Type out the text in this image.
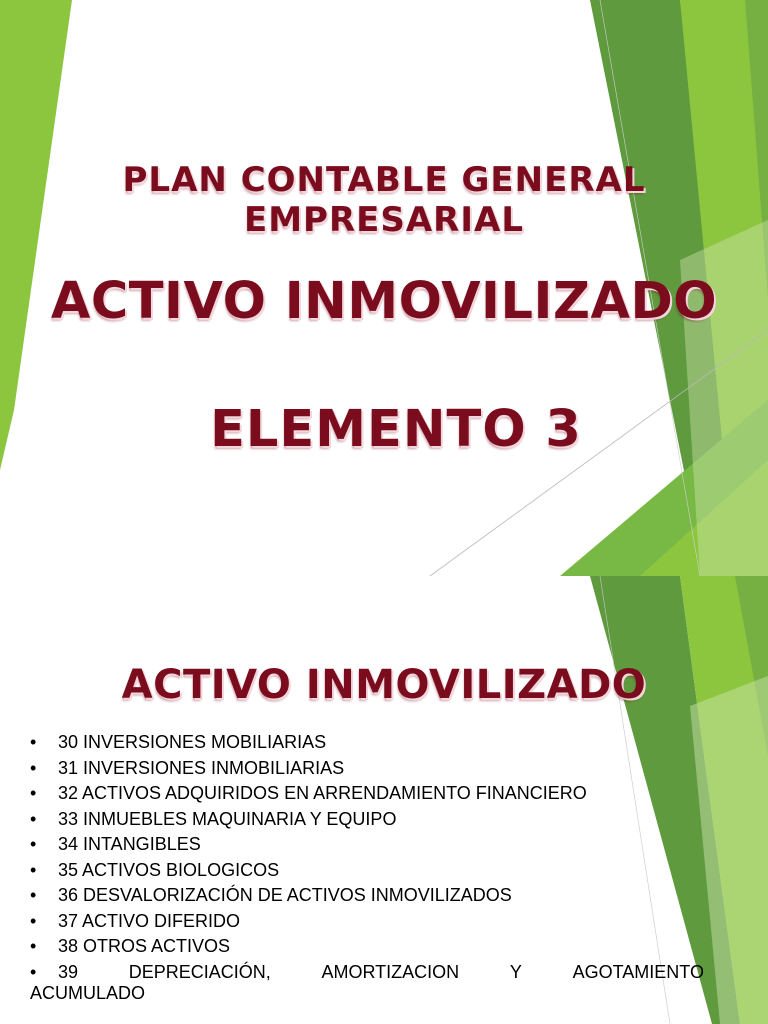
PLAN CONTABLE GENERAL
EMPRESARIAL
ACTIVO INMOVILIZADO
ELEMENTO 3
ACTIVO INMOVILIZADO
• 30 INVERSIONES MOBILIARIAS
• 31 INVERSIONES INMOBILIARIAS
• 32 ACTIVOS ADQUIRIDOS EN ARRENDAMIENTO FINANCIERO
• 33 INMUEBLES MAQUINARIA Y EQUIPO
• 34 INTANGIBLES
• 35 ACTIVOS BIOLOGICOS
• 36 DESVALORIZACIÓN DE ACTIVOS INMOVILIZADOS
• 37 ACTIVO DIFERIDO
• 38 OTROS ACTIVOS
• 39	DEPRECIACIÓN,	AMORTIZACION	Y	AGOTAMIENTO
ACUMULADO
